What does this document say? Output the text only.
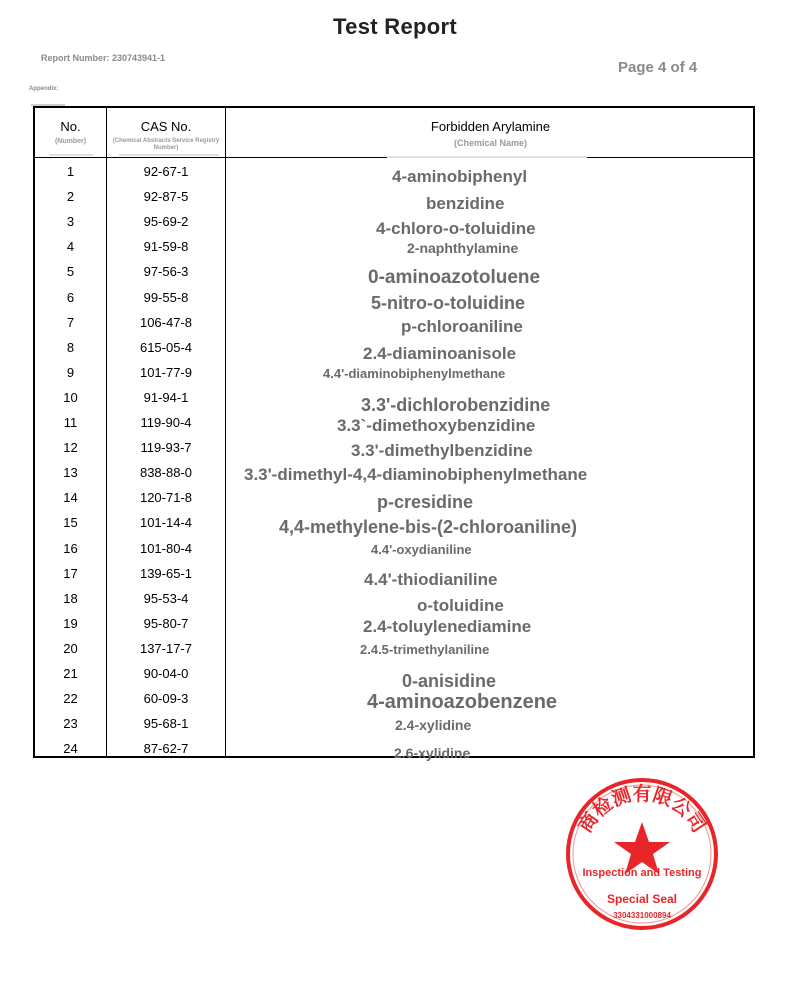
Test Report
Report Number: 230743941-1
Page 4 of 4
Appendix:
No.
(Number)
CAS No.
(Chemical Abstracts Service Registry Number)
Forbidden Arylamine
(Chemical Name)
1	92-67-1	4-aminobiphenyl
2	92-87-5	benzidine
3	95-69-2	4-chloro-o-toluidine
4	91-59-8	2-naphthylamine
5	97-56-3	0-aminoazotoluene
6	99-55-8	5-nitro-o-toluidine
7	106-47-8	p-chloroaniline
8	615-05-4	2.4-diaminoanisole
9	101-77-9	4.4'-diaminobiphenylmethane
10	91-94-1	3.3'-dichlorobenzidine
11	119-90-4	3.3`-dimethoxybenzidine
12	119-93-7	3.3'-dimethylbenzidine
13	838-88-0	3.3'-dimethyl-4,4-diaminobiphenylmethane
14	120-71-8	p-cresidine
15	101-14-4	4,4-methylene-bis-(2-chloroaniline)
16	101-80-4	4.4'-oxydianiline
17	139-65-1	4.4'-thiodianiline
18	95-53-4	o-toluidine
19	95-80-7	2.4-toluylenediamine
20	137-17-7	2.4.5-trimethylaniline
21	90-04-0	0-anisidine
22	60-09-3	4-aminoazobenzene
23	95-68-1	2.4-xylidine
24	87-62-7	2.6-xylidine
商检测有限公司
Inspection and Testing
Special Seal
3304331000894
